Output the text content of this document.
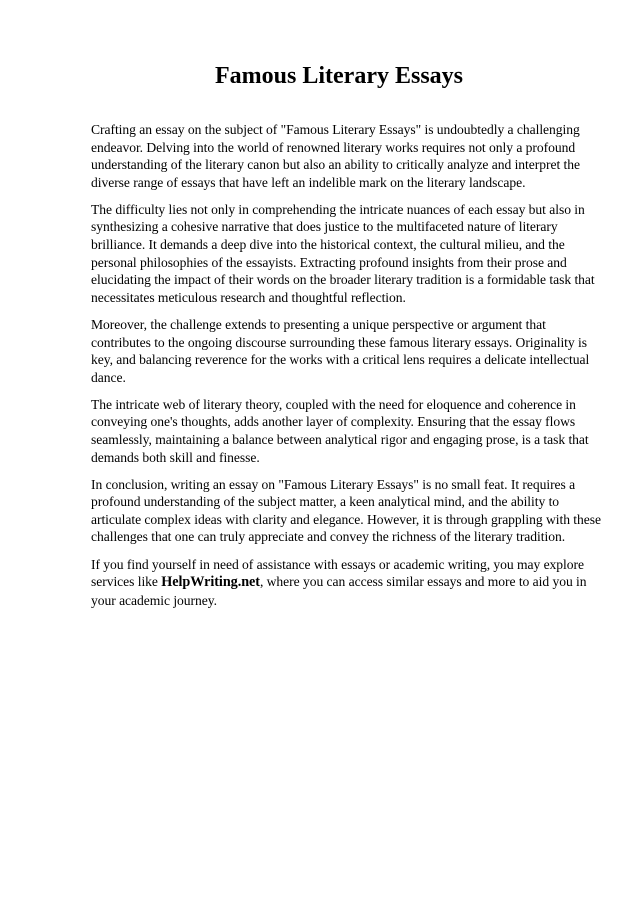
Famous Literary Essays

Crafting an essay on the subject of "Famous Literary Essays" is undoubtedly a challenging endeavor. Delving into the world of renowned literary works requires not only a profound understanding of the literary canon but also an ability to critically analyze and interpret the diverse range of essays that have left an indelible mark on the literary landscape.

The difficulty lies not only in comprehending the intricate nuances of each essay but also in synthesizing a cohesive narrative that does justice to the multifaceted nature of literary brilliance. It demands a deep dive into the historical context, the cultural milieu, and the personal philosophies of the essayists. Extracting profound insights from their prose and elucidating the impact of their words on the broader literary tradition is a formidable task that necessitates meticulous research and thoughtful reflection.

Moreover, the challenge extends to presenting a unique perspective or argument that contributes to the ongoing discourse surrounding these famous literary essays. Originality is key, and balancing reverence for the works with a critical lens requires a delicate intellectual dance.

The intricate web of literary theory, coupled with the need for eloquence and coherence in conveying one's thoughts, adds another layer of complexity. Ensuring that the essay flows seamlessly, maintaining a balance between analytical rigor and engaging prose, is a task that demands both skill and finesse.

In conclusion, writing an essay on "Famous Literary Essays" is no small feat. It requires a profound understanding of the subject matter, a keen analytical mind, and the ability to articulate complex ideas with clarity and elegance. However, it is through grappling with these challenges that one can truly appreciate and convey the richness of the literary tradition.

If you find yourself in need of assistance with essays or academic writing, you may explore services like HelpWriting.net, where you can access similar essays and more to aid you in your academic journey.
